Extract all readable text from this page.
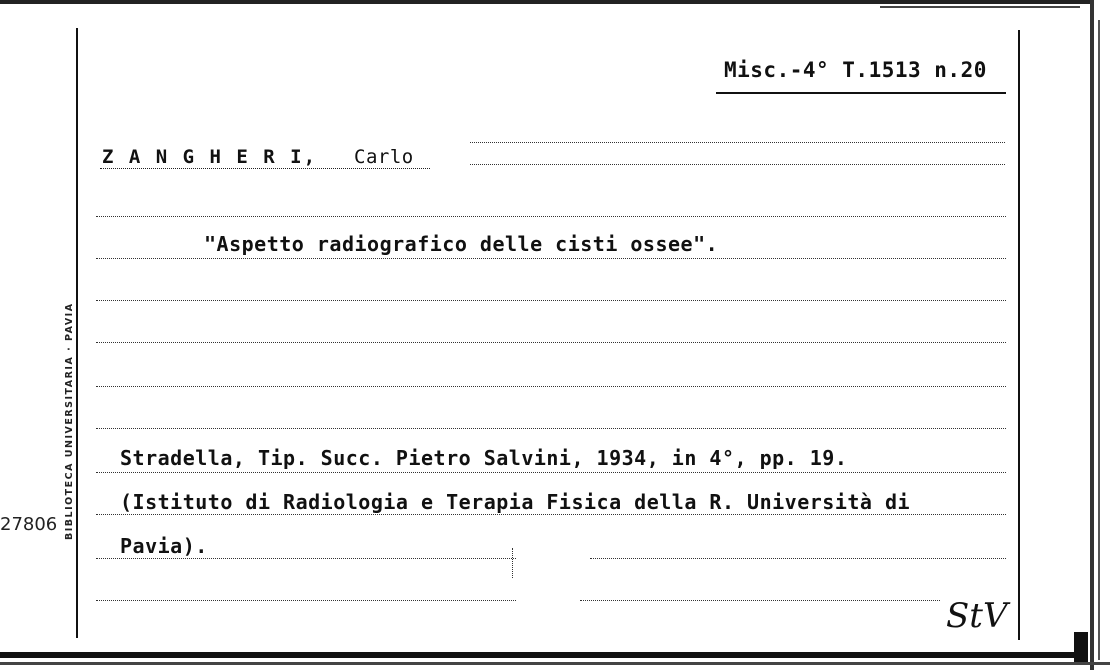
Misc.-4° T.1513 n.20
Z A N G H E R I, Carlo
"Aspetto radiografico delle cisti ossee".
Stradella, Tip. Succ. Pietro Salvini, 1934, in 4°, pp. 19.
(Istituto di Radiologia e Terapia Fisica della R. Università di
Pavia).
BIBLIOTECA UNIVERSITARIA · PAVIA
27806
StV
